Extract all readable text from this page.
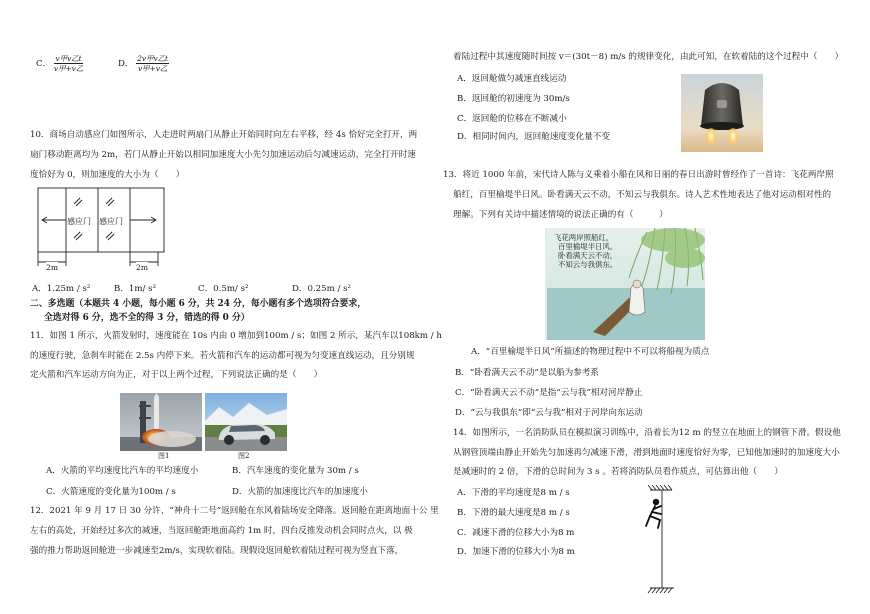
C． $\frac{\text{v甲v乙t}}{\text{v甲+v乙}}$	D． $\frac{\text{2v甲v乙t}}{\text{v甲+v乙}}$
10．商场自动感应门如图所示，人走进时两扇门从静止开始同时向左右平移，经 4s 恰好完全打开，两
扇门移动距离均为 2m，若门从静止开始以相同加速度大小先匀加速运动后匀减速运动，完全打开时速
度恰好为 0，则加速度的大小为（　　）
感应门 感应门
2m	2m
A．1.25m / s²	B．1m/ s²	C．0.5m/ s²	D．0.25m / s²
二、多选题（本题共 4 小题，每小题 6 分，共 24 分，每小题有多个选项符合要求，
全选对得 6 分，选不全的得 3 分，错选的得 0 分）
11．如图 1 所示，火箭发射时，速度能在 10s 内由 0 增加到100m / s；如图 2 所示，某汽车以108km / h
的速度行驶，急刹车时能在 2.5s 内停下来。若火箭和汽车的运动都可视为匀变速直线运动，且分别规
定火箭和汽车运动方向为正，对于以上两个过程，下列说法正确的是（　　）
图1	图2
A．火箭的平均速度比汽车的平均速度小	B．汽车速度的变化量为 30m / s
C．火箭速度的变化量为100m / s	D．火箭的加速度比汽车的加速度小
12．2021 年 9 月 17 日 30 分许，“神舟十二号”返回舱在东风着陆场安全降落。返回舱在距离地面十公 里
左右的高处，开始经过多次的减速，当返回舱距地面高约 1m 时，四台反推发动机会同时点火，以 极
强的推力帮助返回舱进一步减速至2m/s，实现软着陆。现假设返回舱软着陆过程可视为竖直下落，
着陆过程中其速度随时间按 v＝(30t－8) m/s 的规律变化，由此可知，在软着陆的这个过程中（　　）
A．返回舱做匀减速直线运动
B．返回舱的初速度为 30m/s
C．返回舱的位移在不断减小
D．相同时间内，返回舱速度变化量不变
13．将近 1000 年前，宋代诗人陈与义乘着小船在风和日丽的春日出游时曾经作了一首诗：飞花两岸照
船红，百里榆堤半日风。卧看满天云不动，不知云与我俱东。诗人艺术性地表达了他对运动相对性的
理解。下列有关诗中描述情境的说法正确的有（　　　）
飞花两岸照船红，
百里榆堤半日风。
卧看满天云不动，
不知云与我俱东。
A．“百里榆堤半日风”所描述的物理过程中不可以将船视为质点
B．“卧看满天云不动”是以船为参考系
C．“卧看满天云不动”是指“云与我”相对河岸静止
D．“云与我俱东”即“云与我”相对于河岸向东运动
14．如图所示，一名消防队员在模拟演习训练中，沿着长为12 m 的竖立在地面上的钢管下滑。假设他
从钢管顶端由静止开始先匀加速再匀减速下滑，滑到地面时速度恰好为零，已知他加速时的加速度大小
是减速时的 2 倍，下滑的总时间为 3 s 。若将消防队员看作质点，可估算出他（　　）
A．下滑的平均速度是8 m / s
B．下滑的最大速度是8 m / s
C．减速下滑的位移大小为8 m
D．加速下滑的位移大小为8 m
